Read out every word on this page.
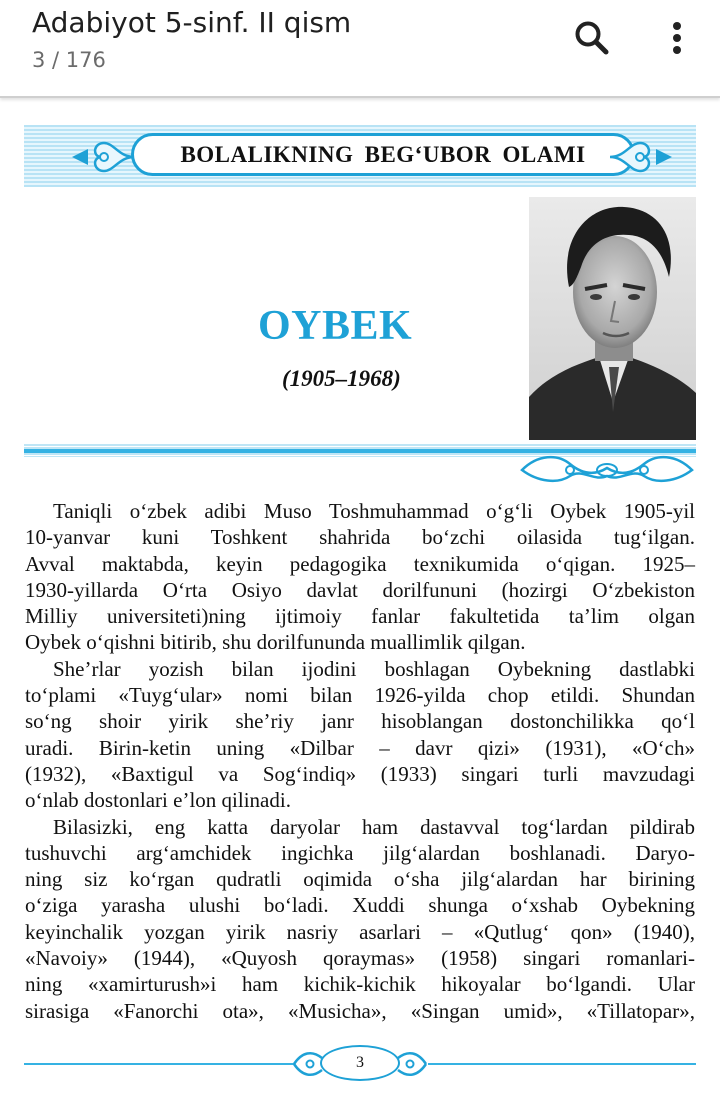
Adabiyot 5-sinf. II qism
3 / 176
BOLALIKNING BEG‘UBOR OLAMI
OYBEK
(1905–1968)
Taniqli o‘zbek adibi Muso Toshmuhammad o‘g‘li Oybek 1905-yil
10-yanvar kuni Toshkent shahrida bo‘zchi oilasida tug‘ilgan.
Avval maktabda, keyin pedagogika texnikumida o‘qigan. 1925–
1930-yillarda O‘rta Osiyo davlat dorilfununi (hozirgi O‘zbekiston
Milliy universiteti)ning ijtimoiy fanlar fakultetida ta’lim olgan
Oybek o‘qishni bitirib, shu dorilfununda muallimlik qilgan.
She’rlar yozish bilan ijodini boshlagan Oybekning dastlabki
to‘plami «Tuyg‘ular» nomi bilan 1926-yilda chop etildi. Shundan
so‘ng shoir yirik she’riy janr hisoblangan dostonchilikka qo‘l
uradi. Birin-ketin uning «Dilbar – davr qizi» (1931), «O‘ch»
(1932), «Baxtigul va Sog‘indiq» (1933) singari turli mavzudagi
o‘nlab dostonlari e’lon qilinadi.
Bilasizki, eng katta daryolar ham dastavval tog‘lardan pildirab
tushuvchi arg‘amchidek ingichka jilg‘alardan boshlanadi. Daryo-
ning siz ko‘rgan qudratli oqimida o‘sha jilg‘alardan har birining
o‘ziga yarasha ulushi bo‘ladi. Xuddi shunga o‘xshab Oybekning
keyinchalik yozgan yirik nasriy asarlari – «Qutlug‘ qon» (1940),
«Navoiy» (1944), «Quyosh qoraymas» (1958) singari romanlari-
ning «xamirturush»i ham kichik-kichik hikoyalar bo‘lgandi. Ular
sirasiga «Fanorchi ota», «Musicha», «Singan umid», «Tillatopar»,
3
